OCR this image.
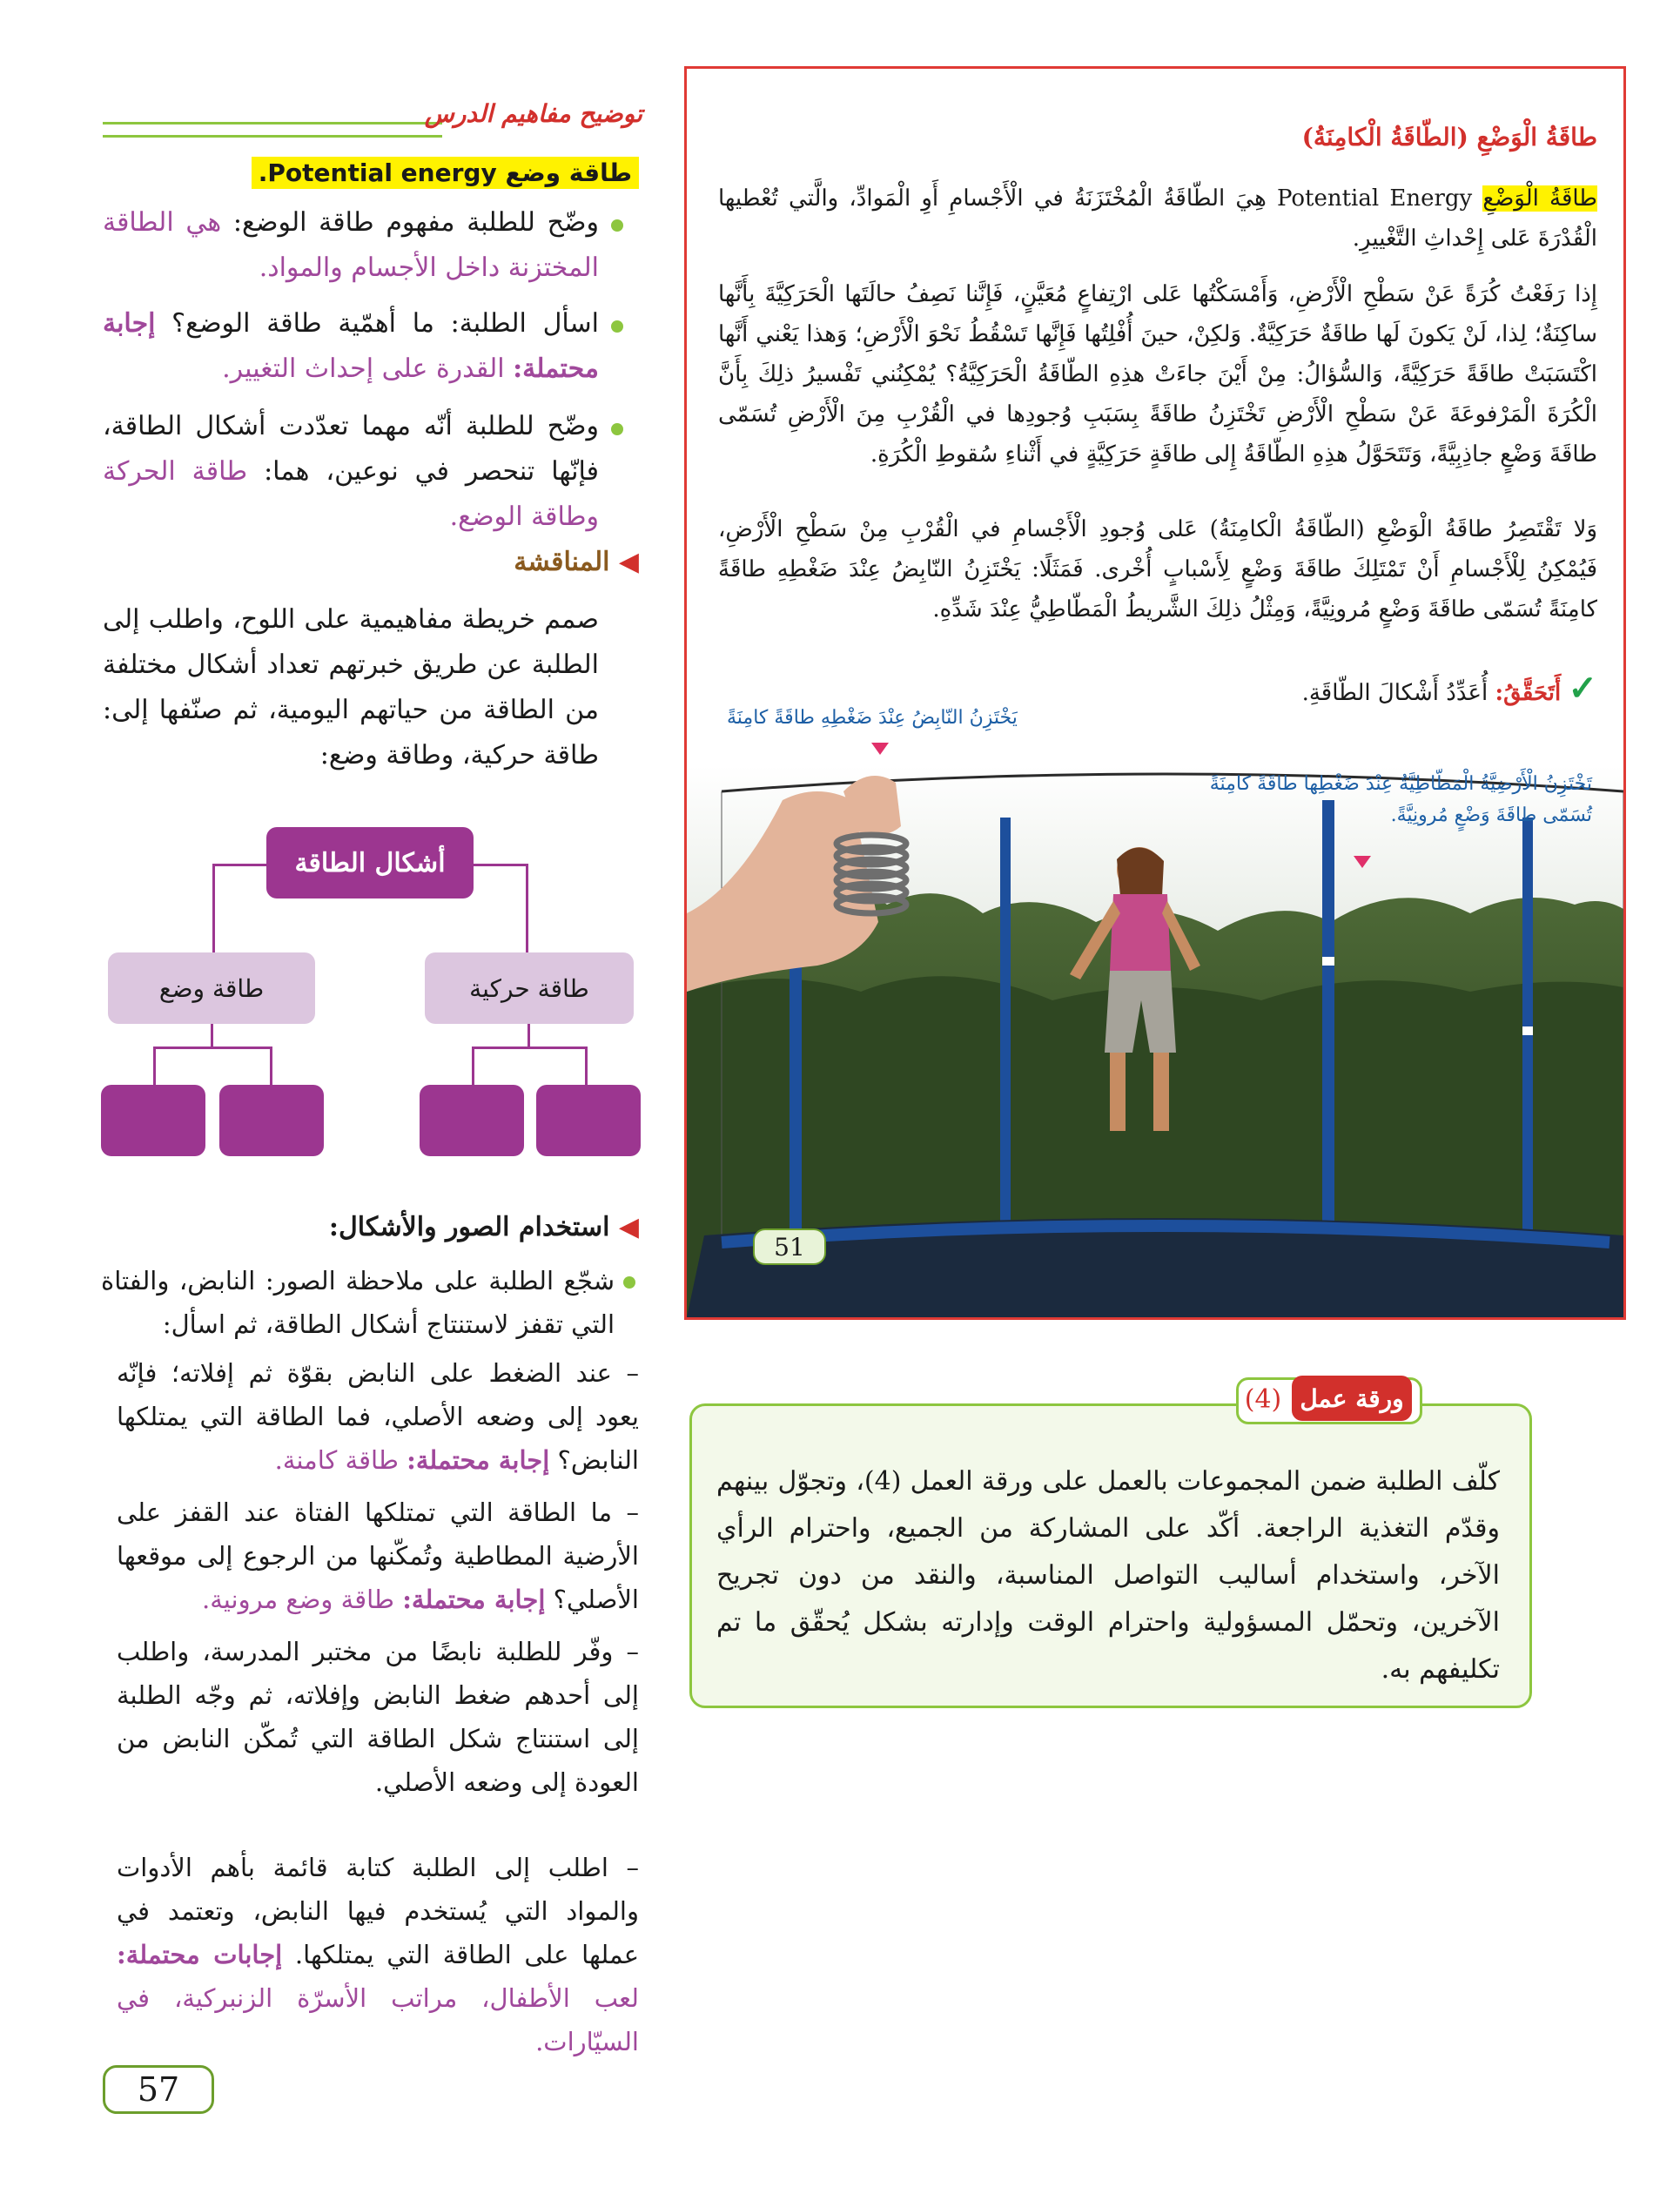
توضيح مفاهيم الدرس
طاقة وضع Potential energy.
وضّح للطلبة مفهوم طاقة الوضع: هي الطاقة المختزنة داخل الأجسام والمواد.
اسأل الطلبة: ما أهمّية طاقة الوضع؟ إجابة محتملة: القدرة على إحداث التغيير.
وضّح للطلبة أنّه مهما تعدّدت أشكال الطاقة، فإنّها تنحصر في نوعين، هما: طاقة الحركة وطاقة الوضع.
◀ المناقشة
صمم خريطة مفاهيمية على اللوح، واطلب إلى الطلبة عن طريق خبرتهم تعداد أشكال مختلفة من الطاقة من حياتهم اليومية، ثم صنّفها إلى: طاقة حركية، وطاقة وضع:
أشكال الطاقة
طاقة وضع	طاقة حركية
◀ استخدام الصور والأشكال:
شجّع الطلبة على ملاحظة الصور: النابض، والفتاة التي تقفز لاستنتاج أشكال الطاقة، ثم اسأل:
– عند الضغط على النابض بقوّة ثم إفلاته؛ فإنّه يعود إلى وضعه الأصلي، فما الطاقة التي يمتلكها النابض؟ إجابة محتملة: طاقة كامنة.
– ما الطاقة التي تمتلكها الفتاة عند القفز على الأرضية المطاطية وتُمكّنها من الرجوع إلى موقعها الأصلي؟ إجابة محتملة: طاقة وضع مرونية.
– وفّر للطلبة نابضًا من مختبر المدرسة، واطلب إلى أحدهم ضغط النابض وإفلاته، ثم وجّه الطلبة إلى استنتاج شكل الطاقة التي تُمكّن النابض من العودة إلى وضعه الأصلي.
– اطلب إلى الطلبة كتابة قائمة بأهم الأدوات والمواد التي يُستخدم فيها النابض، وتعتمد في عملها على الطاقة التي يمتلكها. إجابات محتملة: لعب الأطفال، مراتب الأسرّة الزنبركية، في السيّارات.
57
طاقَةُ الْوَضْعِ (الطّاقَةُ الْكامِنَةُ)
طاقَةُ الْوَضْعِ Potential Energy هِيَ الطّاقَةُ الْمُخْتَزَنَةُ في الْأَجْسامِ أَوِ الْمَوادِّ، والَّتي تُعْطيها الْقُدْرَةَ عَلى إِحْداثِ التَّغْييرِ.
إِذا رَفَعْتُ كُرَةً عَنْ سَطْحِ الْأَرْضِ، وَأَمْسَكْتُها عَلى ارْتِفاعٍ مُعَيَّنٍ، فَإِنَّنا نَصِفُ حالَتَها الْحَرَكِيَّةَ بِأَنَّها ساكِنَةٌ؛ لِذا، لَنْ يَكونَ لَها طاقَةٌ حَرَكِيَّةٌ. وَلكِنْ، حينَ أُفْلِتُها فَإِنَّها تَسْقُطُ نَحْوَ الْأَرْضِ؛ وَهذا يَعْني أَنَّها اكْتَسَبَتْ طاقَةً حَرَكِيَّةً، وَالسُّؤالُ: مِنْ أَيْنَ جاءَتْ هذِهِ الطّاقَةُ الْحَرَكِيَّةُ؟ يُمْكِنُني تَفْسيرُ ذلِكَ بِأَنَّ الْكُرَةَ الْمَرْفوعَةَ عَنْ سَطْحِ الْأَرْضِ تَخْتَزِنُ طاقَةً بِسَبَبِ وُجودِها في الْقُرْبِ مِنَ الْأَرْضِ تُسَمّى طاقَةَ وَضْعٍ جاذِبِيَّةً، وَتَتَحَوَّلُ هذِهِ الطّاقَةُ إِلى طاقَةٍ حَرَكِيَّةٍ في أَثْناءِ سُقوطِ الْكُرَةِ.
وَلا تَقْتَصِرُ طاقَةُ الْوَضْعِ (الطّاقَةُ الْكامِنَةُ) عَلى وُجودِ الْأَجْسامِ في الْقُرْبِ مِنْ سَطْحِ الْأَرْضِ، فَيُمْكِنُ لِلْأَجْسامِ أَنْ تَمْتَلِكَ طاقَةَ وَضْعٍ لِأَسْبابٍ أُخْرى. فَمَثَلًا: يَخْتَزِنُ النّابِضُ عِنْدَ ضَغْطِهِ طاقَةً كامِنَةً تُسَمّى طاقَةَ وَضْعٍ مُرونِيَّةً، وَمِثْلُ ذلِكَ الشَّريطُ الْمَطّاطِيُّ عِنْدَ شَدِّهِ.
✓ أَتَحَقَّقُ: أُعَدِّدُ أَشْكالَ الطّاقَةِ.
يَخْتَزِنُ النّابِضُ عِنْدَ ضَغْطِهِ طاقَةً كامِنَةً
تَخْتَزِنُ الْأَرْضِيَّةُ الْمَطّاطِيَّةُ عِنْدَ ضَغْطِها طاقَةً كامِنَةً تُسَمّى طاقَةَ وَضْعٍ مُرونِيَّةً.
51
كلّف الطلبة ضمن المجموعات بالعمل على ورقة العمل (4)، وتجوّل بينهم وقدّم التغذية الراجعة. أكّد على المشاركة من الجميع، واحترام الرأي الآخر، واستخدام أساليب التواصل المناسبة، والنقد من دون تجريح الآخرين، وتحمّل المسؤولية واحترام الوقت وإدارته بشكل يُحقّق ما تم تكليفهم به.
(4) ورقة عمل
